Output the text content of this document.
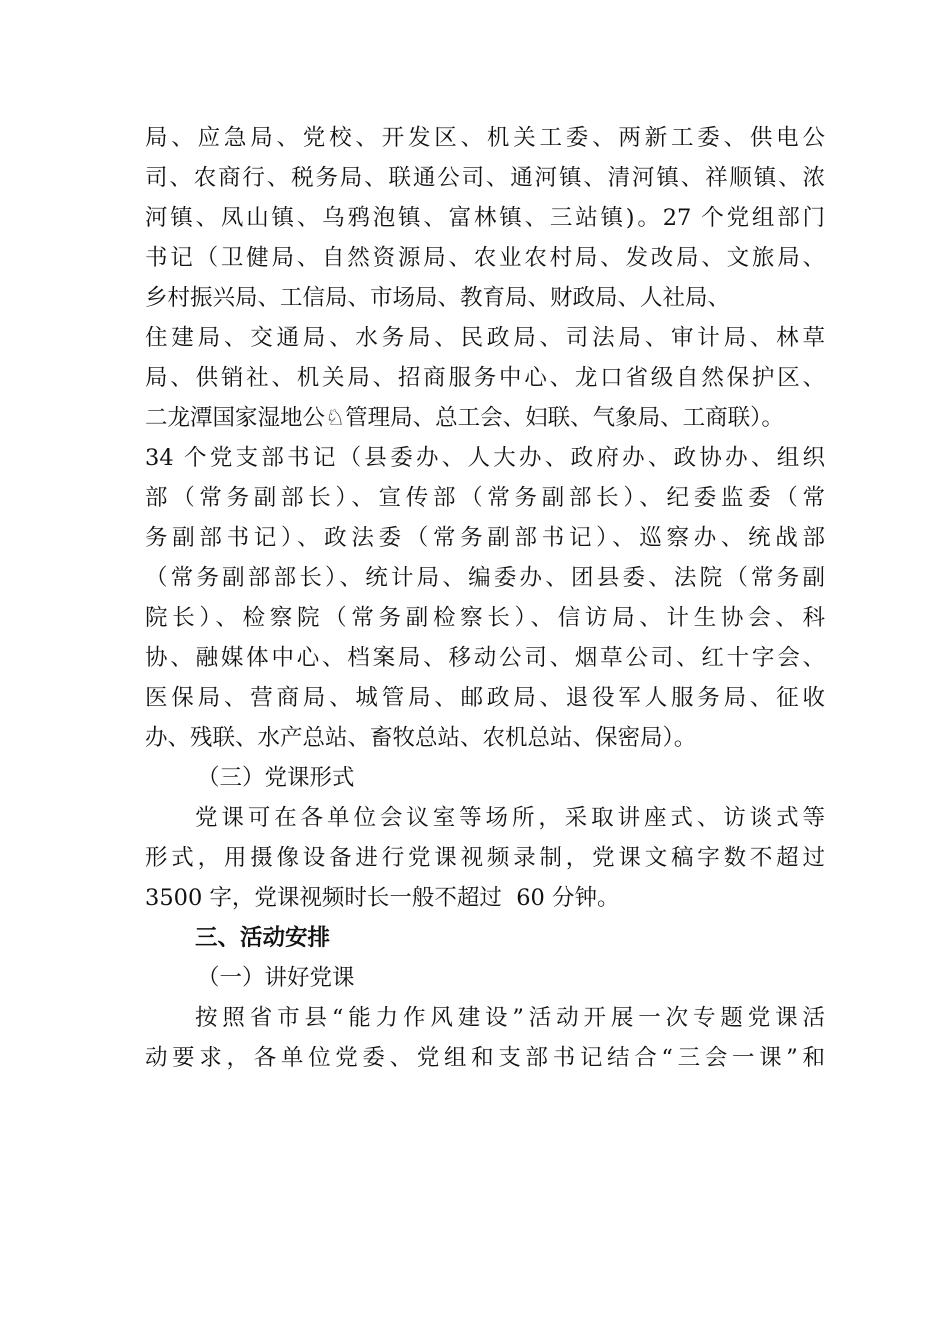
局、应急局、党校、开发区、机关工委、两新工委、供电公
司、农商行、税务局、联通公司、通河镇、清河镇、祥顺镇、浓
河镇、凤山镇、乌鸦泡镇、富林镇、三站镇)。27 个党组部门
书记（卫健局、自然资源局、农业农村局、发改局、文旅局、
乡村振兴局、工信局、市场局、教育局、财政局、人社局、
住建局、交通局、水务局、民政局、司法局、审计局、林草
局、供销社、机关局、招商服务中心、龙口省级自然保护区、
二龙潭国家湿地公♘管理局、总工会、妇联、气象局、工商联）。
34 个党支部书记（县委办、人大办、政府办、政协办、组织
部（常务副部长）、宣传部（常务副部长）、纪委监委（常
务副部书记）、政法委（常务副部书记）、巡察办、统战部
（常务副部部长）、统计局、编委办、团县委、法院（常务副
院长）、检察院（常务副检察长）、信访局、计生协会、科
协、融媒体中心、档案局、移动公司、烟草公司、红十字会、
医保局、营商局、城管局、邮政局、退役军人服务局、征收
办、残联、水产总站、畜牧总站、农机总站、保密局）。
（三）党课形式
党课可在各单位会议室等场所，采取讲座式、访谈式等
形式，用摄像设备进行党课视频录制，党课文稿字数不超过
3500 字，党课视频时长一般不超过  60 分钟。
三、活动安排
（一）讲好党课
按照省市县“能力作风建设”活动开展一次专题党课活
动要求，各单位党委、党组和支部书记结合“三会一课”和
